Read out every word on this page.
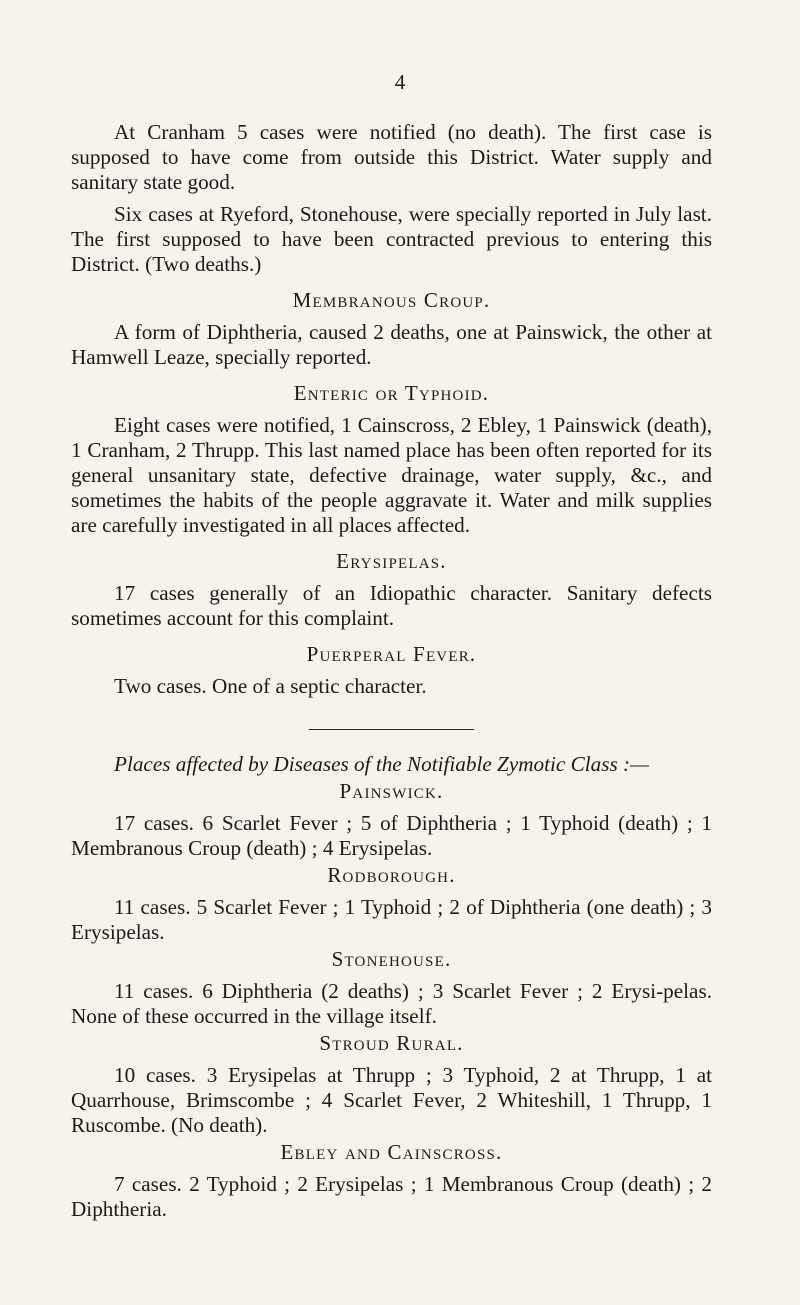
4

At Cranham 5 cases were notified (no death). The first case is supposed to have come from outside this District. Water supply and sanitary state good.

Six cases at Ryeford, Stonehouse, were specially reported in July last. The first supposed to have been contracted previous to entering this District. (Two deaths.)

Membranous Croup.

A form of Diphtheria, caused 2 deaths, one at Painswick, the other at Hamwell Leaze, specially reported.

Enteric or Typhoid.

Eight cases were notified, 1 Cainscross, 2 Ebley, 1 Painswick (death), 1 Cranham, 2 Thrupp. This last named place has been often reported for its general unsanitary state, defective drainage, water supply, &c., and sometimes the habits of the people aggravate it. Water and milk supplies are carefully investigated in all places affected.

Erysipelas.

17 cases generally of an Idiopathic character. Sanitary defects sometimes account for this complaint.

Puerperal Fever.

Two cases. One of a septic character.

Places affected by Diseases of the Notifiable Zymotic Class :—

Painswick.

17 cases. 6 Scarlet Fever ; 5 of Diphtheria ; 1 Typhoid (death) ; 1 Membranous Croup (death) ; 4 Erysipelas.

Rodborough.

11 cases. 5 Scarlet Fever ; 1 Typhoid ; 2 of Diphtheria (one death) ; 3 Erysipelas.

Stonehouse.

11 cases. 6 Diphtheria (2 deaths) ; 3 Scarlet Fever ; 2 Erysi-pelas. None of these occurred in the village itself.

Stroud Rural.

10 cases. 3 Erysipelas at Thrupp ; 3 Typhoid, 2 at Thrupp, 1 at Quarrhouse, Brimscombe ; 4 Scarlet Fever, 2 Whiteshill, 1 Thrupp, 1 Ruscombe. (No death).

Ebley and Cainscross.

7 cases. 2 Typhoid ; 2 Erysipelas ; 1 Membranous Croup (death) ; 2 Diphtheria.
